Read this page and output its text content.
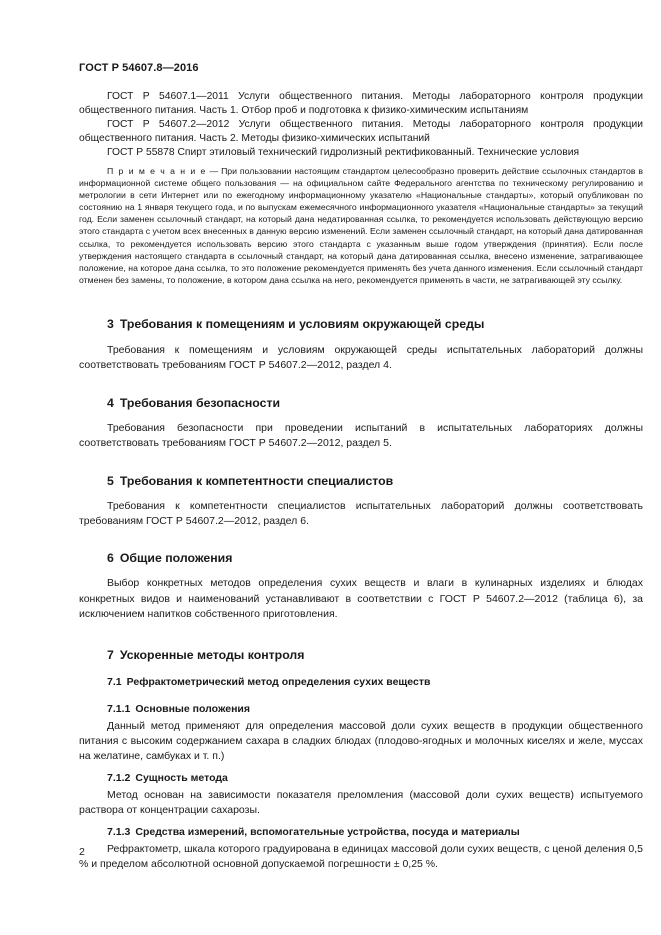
ГОСТ Р 54607.8—2016

ГОСТ Р 54607.1—2011 Услуги общественного питания. Методы лабораторного контроля продукции общественного питания. Часть 1. Отбор проб и подготовка к физико-химическим испытаниям

ГОСТ Р 54607.2—2012 Услуги общественного питания. Методы лабораторного контроля продукции общественного питания. Часть 2. Методы физико-химических испытаний

ГОСТ Р 55878 Спирт этиловый технический гидролизный ректификованный. Технические условия

П р и м е ч а н и е — При пользовании настоящим стандартом целесообразно проверить действие ссылочных стандартов в информационной системе общего пользования — на официальном сайте Федерального агентства по техническому регулированию и метрологии в сети Интернет или по ежегодному информационному указателю «Национальные стандарты», который опубликован по состоянию на 1 января текущего года, и по выпускам ежемесячного информационного указателя «Национальные стандарты» за текущий год. Если заменен ссылочный стандарт, на который дана недатированная ссылка, то рекомендуется использовать действующую версию этого стандарта с учетом всех внесенных в данную версию изменений. Если заменен ссылочный стандарт, на который дана датированная ссылка, то рекомендуется использовать версию этого стандарта с указанным выше годом утверждения (принятия). Если после утверждения настоящего стандарта в ссылочный стандарт, на который дана датированная ссылка, внесено изменение, затрагивающее положение, на которое дана ссылка, то это положение рекомендуется применять без учета данного изменения. Если ссылочный стандарт отменен без замены, то положение, в котором дана ссылка на него, рекомендуется применять в части, не затрагивающей эту ссылку.

3 Требования к помещениям и условиям окружающей среды

Требования к помещениям и условиям окружающей среды испытательных лабораторий должны соответствовать требованиям ГОСТ Р 54607.2—2012, раздел 4.

4 Требования безопасности

Требования безопасности при проведении испытаний в испытательных лабораториях должны соответствовать требованиям ГОСТ Р 54607.2—2012, раздел 5.

5 Требования к компетентности специалистов

Требования к компетентности специалистов испытательных лабораторий должны соответствовать требованиям ГОСТ Р 54607.2—2012, раздел 6.

6 Общие положения

Выбор конкретных методов определения сухих веществ и влаги в кулинарных изделиях и блюдах конкретных видов и наименований устанавливают в соответствии с ГОСТ Р 54607.2—2012 (таблица 6), за исключением напитков собственного приготовления.

7 Ускоренные методы контроля
7.1 Рефрактометрический метод определения сухих веществ
7.1.1 Основные положения

Данный метод применяют для определения массовой доли сухих веществ в продукции общественного питания с высоким содержанием сахара в сладких блюдах (плодово-ягодных и молочных киселях и желе, муссах на желатине, самбуках и т. п.)

7.1.2 Сущность метода

Метод основан на зависимости показателя преломления (массовой доли сухих веществ) испытуемого раствора от концентрации сахарозы.

7.1.3 Средства измерений, вспомогательные устройства, посуда и материалы

Рефрактометр, шкала которого градуирована в единицах массовой доли сухих веществ, с ценой деления 0,5 % и пределом абсолютной основной допускаемой погрешности ± 0,25 %.

2
